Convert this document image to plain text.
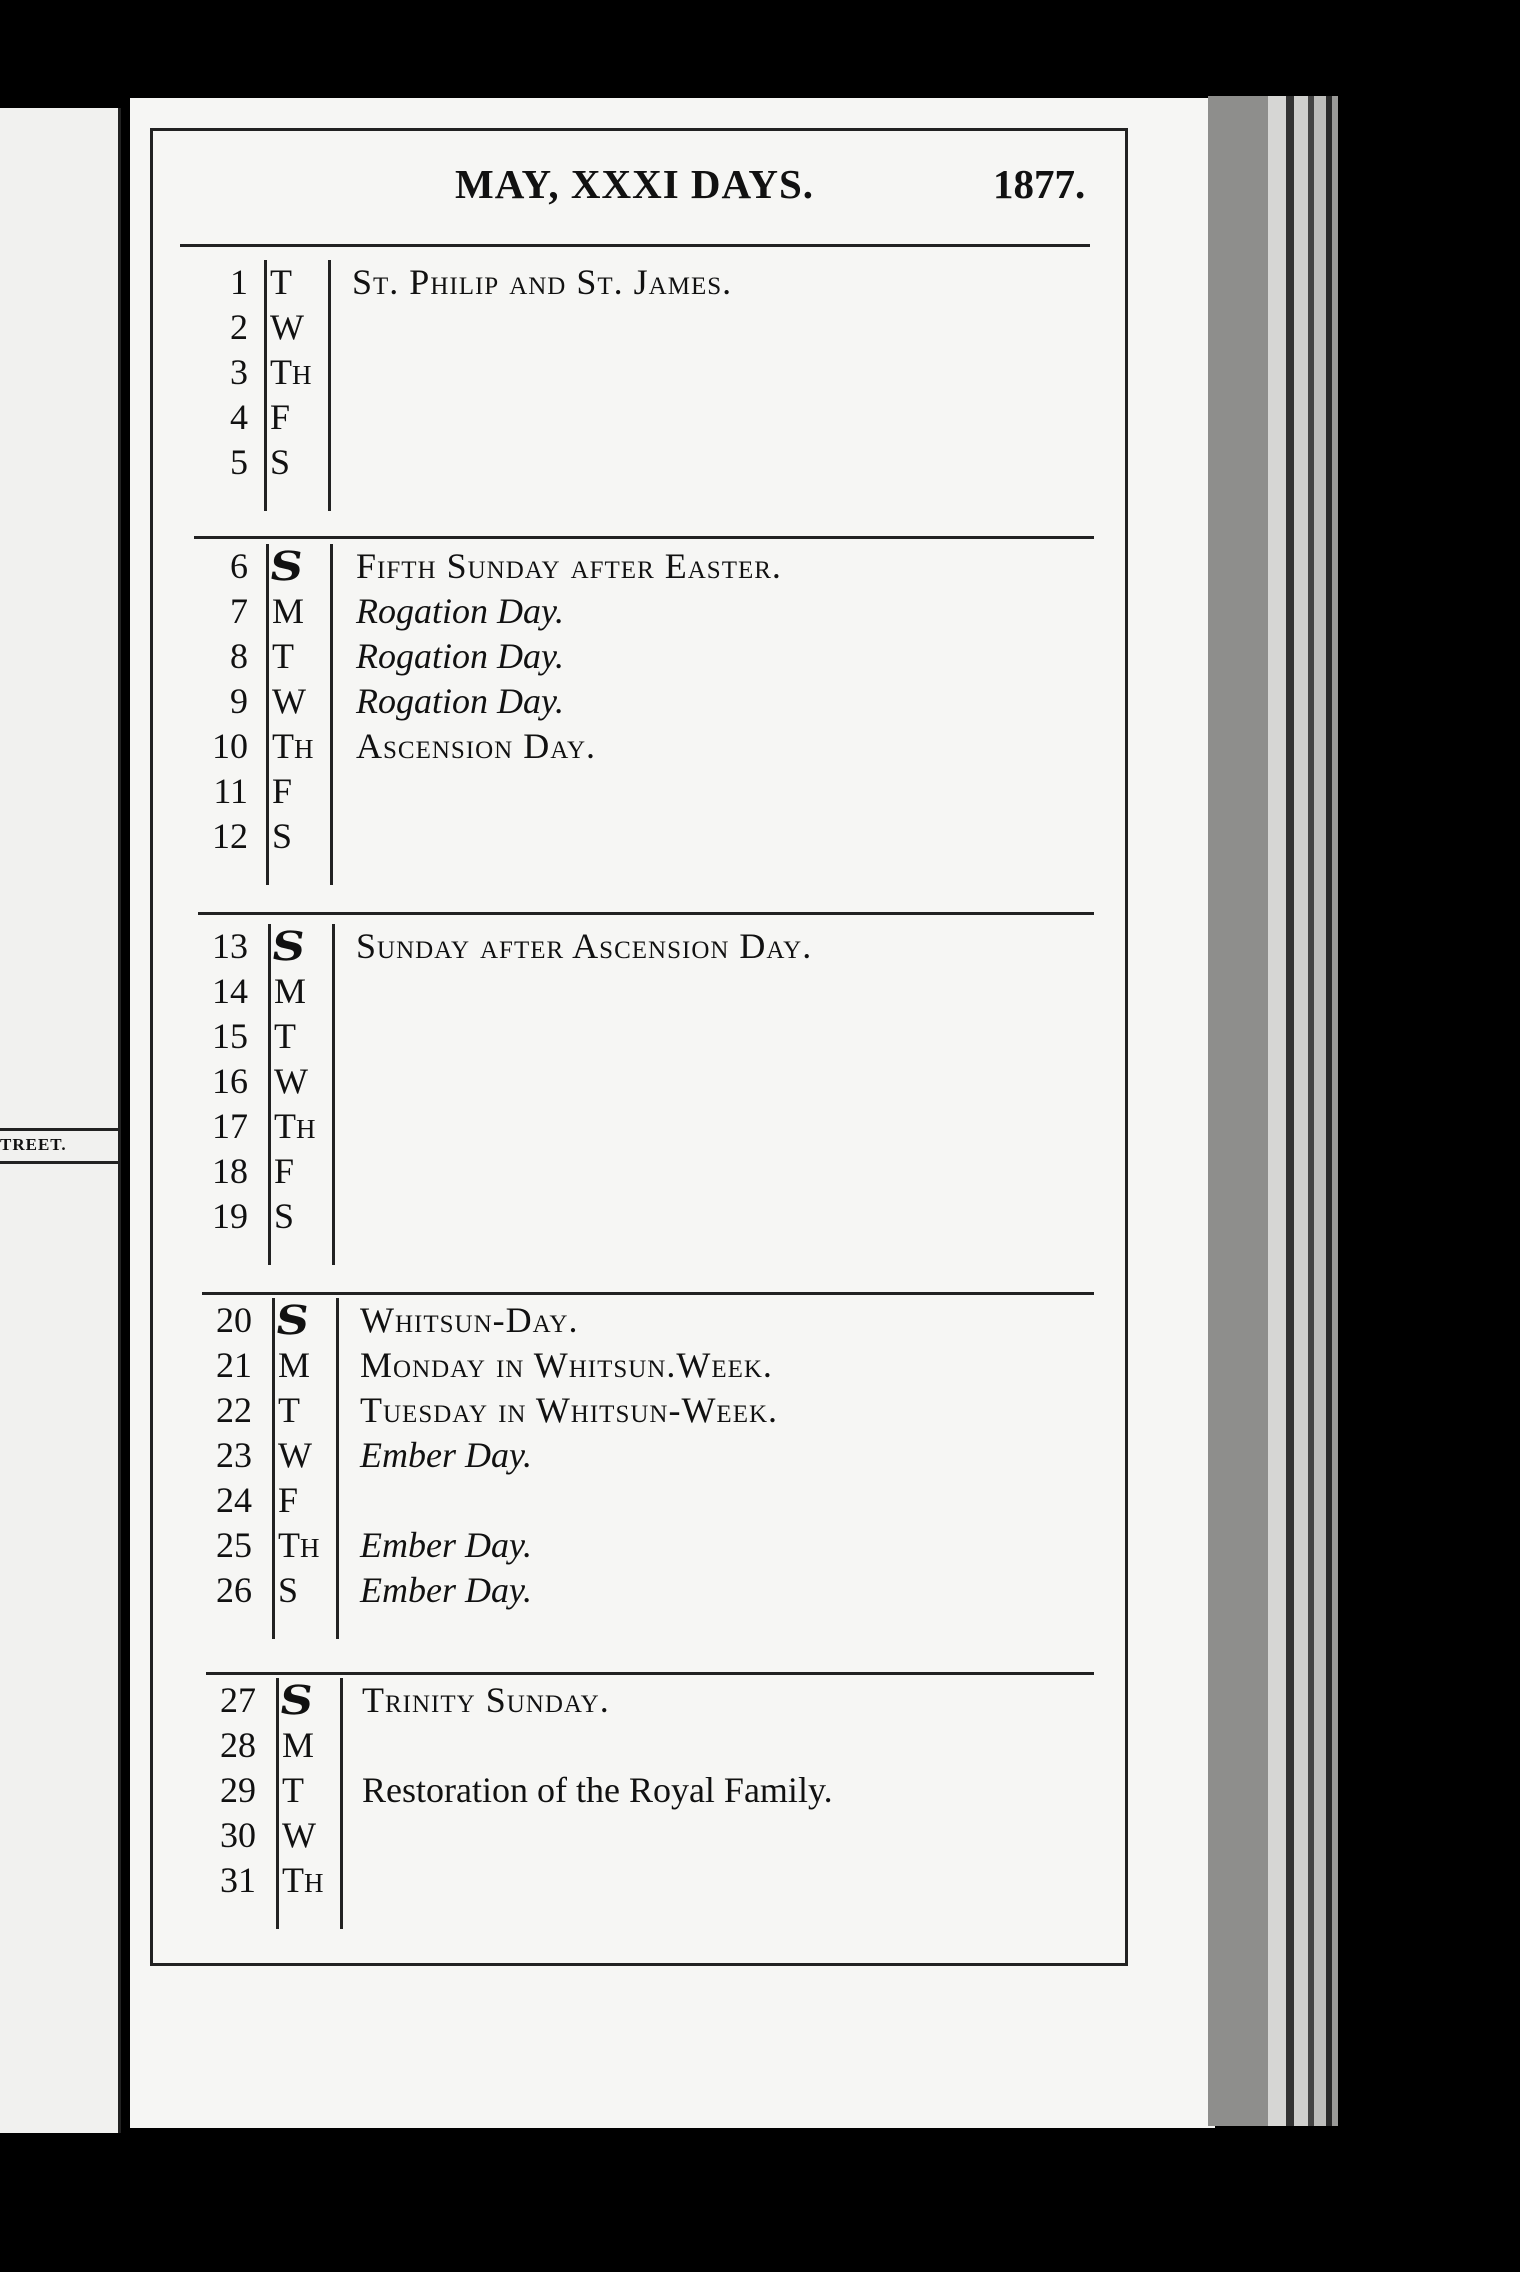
TREET.
MAY, XXXI DAYS.	1877.
1 T St. Philip and St. James.
2 W
3 TH
4 F
5 S
6 S Fifth Sunday after Easter.
7 M Rogation Day.
8 T Rogation Day.
9 W Rogation Day.
10 TH Ascension Day.
11 F
12 S
13 S Sunday after Ascension Day.
14 M
15 T
16 W
17 TH
18 F
19 S
20 S Whitsun-Day.
21 M Monday in Whitsun.Week.
22 T Tuesday in Whitsun-Week.
23 W Ember Day.
24 F
25 TH Ember Day.
26 S Ember Day.
27 S Trinity Sunday.
28 M
29 T Restoration of the Royal Family.
30 W
31 TH
